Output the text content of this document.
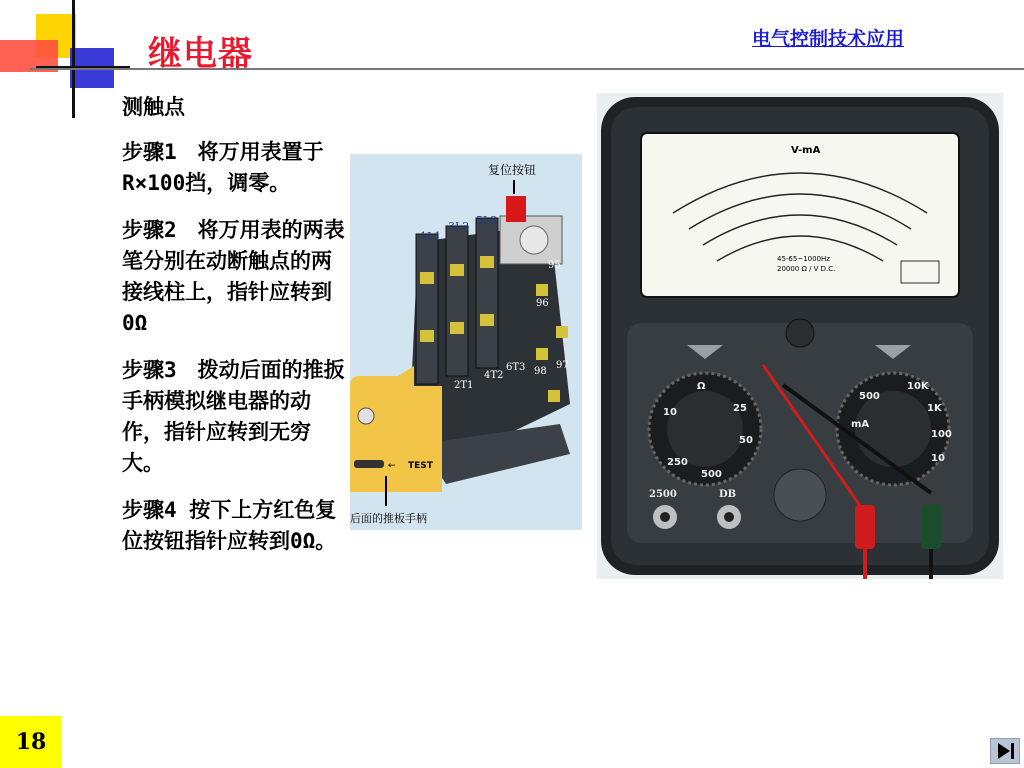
继电器	电气控制技术应用
测触点

步骤1　将万用表置于R×100挡，调零。

步骤2　将万用表的两表笔分别在动断触点的两接线柱上，指针应转到0Ω

步骤3　拨动后面的推扳手柄模拟继电器的动作，指针应转到无穷大。

步骤4 按下上方红色复位按钮指针应转到0Ω。

← TEST
后面的推板手柄
复位按钮
1L1
3L2 5L3
2T1
4T2
6T3
95
96
97
98
V-mA
45-65~1000Hz
20000 Ω / V D.C.
Ω
10	25
50
250
500
10K
1K
100
10
500
mA
2500	DB
18
